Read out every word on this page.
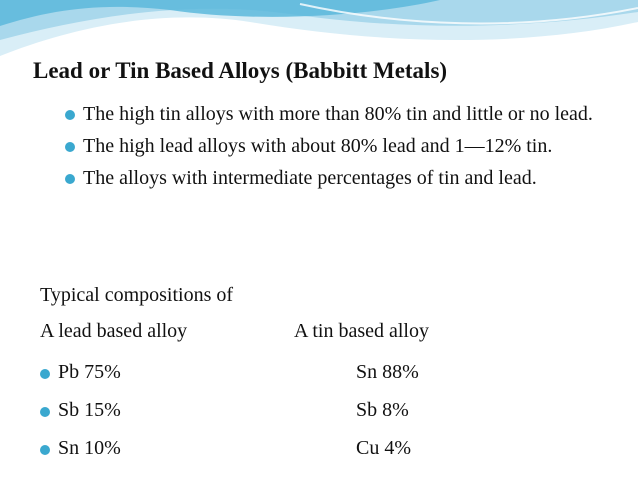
Lead or Tin Based Alloys (Babbitt Metals)
The high tin alloys with more than 80% tin and little or no lead.
The high lead alloys with about 80% lead and 1—12% tin.
The alloys with intermediate percentages of tin and lead.
Typical compositions of
A lead based alloy	A tin based alloy
Pb 75%	Sn 88%
Sb 15%	Sb 8%
Sn 10%	Cu 4%
